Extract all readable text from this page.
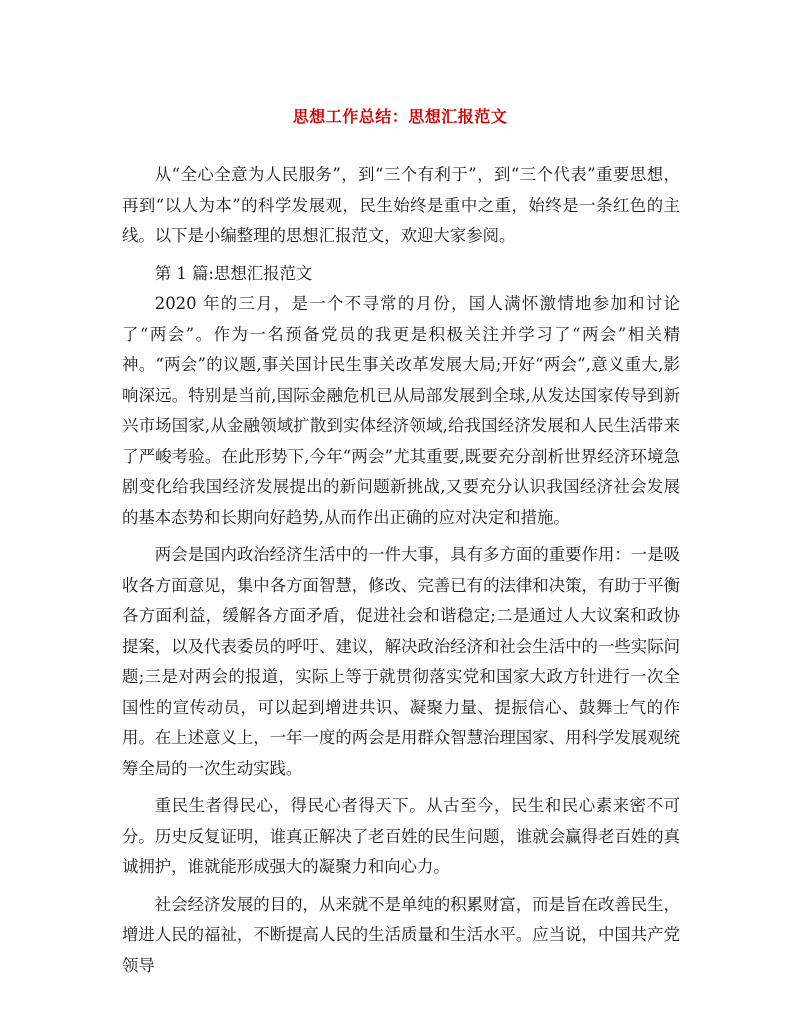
思想工作总结：思想汇报范文

从“全心全意为人民服务”，到“三个有利于”，到“三个代表”重要思想，再到“以人为本”的科学发展观，民生始终是重中之重，始终是一条红色的主线。以下是小编整理的思想汇报范文，欢迎大家参阅。

第 1 篇:思想汇报范文

2020 年的三月，是一个不寻常的月份，国人满怀激情地参加和讨论了“两会”。作为一名预备党员的我更是积极关注并学习了“两会”相关精神。“两会”的议题,事关国计民生事关改革发展大局;开好“两会”,意义重大,影响深远。特别是当前,国际金融危机已从局部发展到全球,从发达国家传导到新兴市场国家,从金融领域扩散到实体经济领域,给我国经济发展和人民生活带来了严峻考验。在此形势下,今年“两会”尤其重要,既要充分剖析世界经济环境急剧变化给我国经济发展提出的新问题新挑战,又要充分认识我国经济社会发展的基本态势和长期向好趋势,从而作出正确的应对决定和措施。

两会是国内政治经济生活中的一件大事，具有多方面的重要作用：一是吸收各方面意见，集中各方面智慧，修改、完善已有的法律和决策，有助于平衡各方面利益，缓解各方面矛盾，促进社会和谐稳定;二是通过人大议案和政协提案，以及代表委员的呼吁、建议，解决政治经济和社会生活中的一些实际问题;三是对两会的报道，实际上等于就贯彻落实党和国家大政方针进行一次全国性的宣传动员，可以起到增进共识、凝聚力量、提振信心、鼓舞士气的作用。在上述意义上，一年一度的两会是用群众智慧治理国家、用科学发展观统筹全局的一次生动实践。

重民生者得民心，得民心者得天下。从古至今，民生和民心素来密不可分。历史反复证明，谁真正解决了老百姓的民生问题，谁就会赢得老百姓的真诚拥护，谁就能形成强大的凝聚力和向心力。

社会经济发展的目的，从来就不是单纯的积累财富，而是旨在改善民生，增进人民的福祉，不断提高人民的生活质量和生活水平。应当说，中国共产党领导
